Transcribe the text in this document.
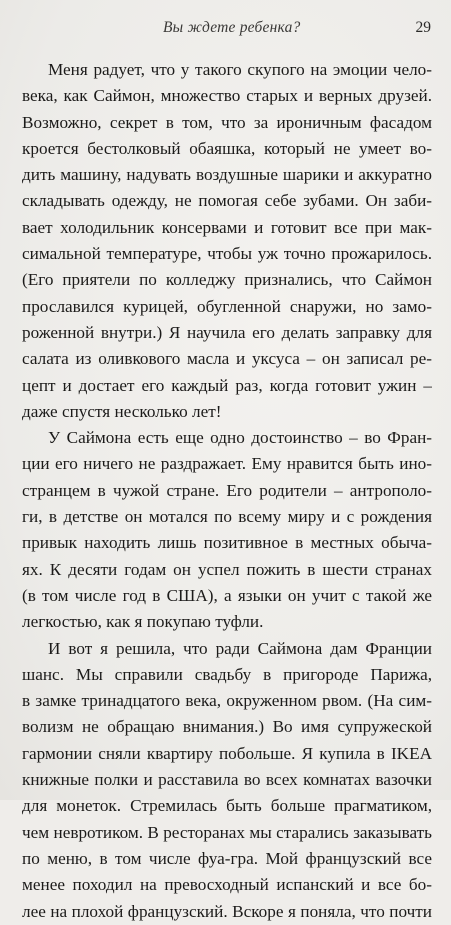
Вы ждете ребенка?	29
Меня радует, что у такого скупого на эмоции чело-
века, как Саймон, множество старых и верных друзей.
Возможно, секрет в том, что за ироничным фасадом
кроется бестолковый обаяшка, который не умеет во-
дить машину, надувать воздушные шарики и аккуратно
складывать одежду, не помогая себе зубами. Он заби-
вает холодильник консервами и готовит все при мак-
симальной температуре, чтобы уж точно прожарилось.
(Его приятели по колледжу признались, что Саймон
прославился курицей, обугленной снаружи, но замо-
роженной внутри.) Я научила его делать заправку для
салата из оливкового масла и уксуса – он записал ре-
цепт и достает его каждый раз, когда готовит ужин –
даже спустя несколько лет!
У Саймона есть еще одно достоинство – во Фран-
ции его ничего не раздражает. Ему нравится быть ино-
странцем в чужой стране. Его родители – антрополо-
ги, в детстве он мотался по всему миру и с рождения
привык находить лишь позитивное в местных обыча-
ях. К десяти годам он успел пожить в шести странах
(в том числе год в США), а языки он учит с такой же
легкостью, как я покупаю туфли.
И вот я решила, что ради Саймона дам Франции
шанс. Мы справили свадьбу в пригороде Парижа,
в замке тринадцатого века, окруженном рвом. (На сим-
волизм не обращаю внимания.) Во имя супружеской
гармонии сняли квартиру побольше. Я купила в IKEA
книжные полки и расставила во всех комнатах вазочки
для монеток. Стремилась быть больше прагматиком,
чем невротиком. В ресторанах мы старались заказывать
по меню, в том числе фуа-гра. Мой французский все
менее походил на превосходный испанский и все бо-
лее на плохой французский. Вскоре я поняла, что почти
